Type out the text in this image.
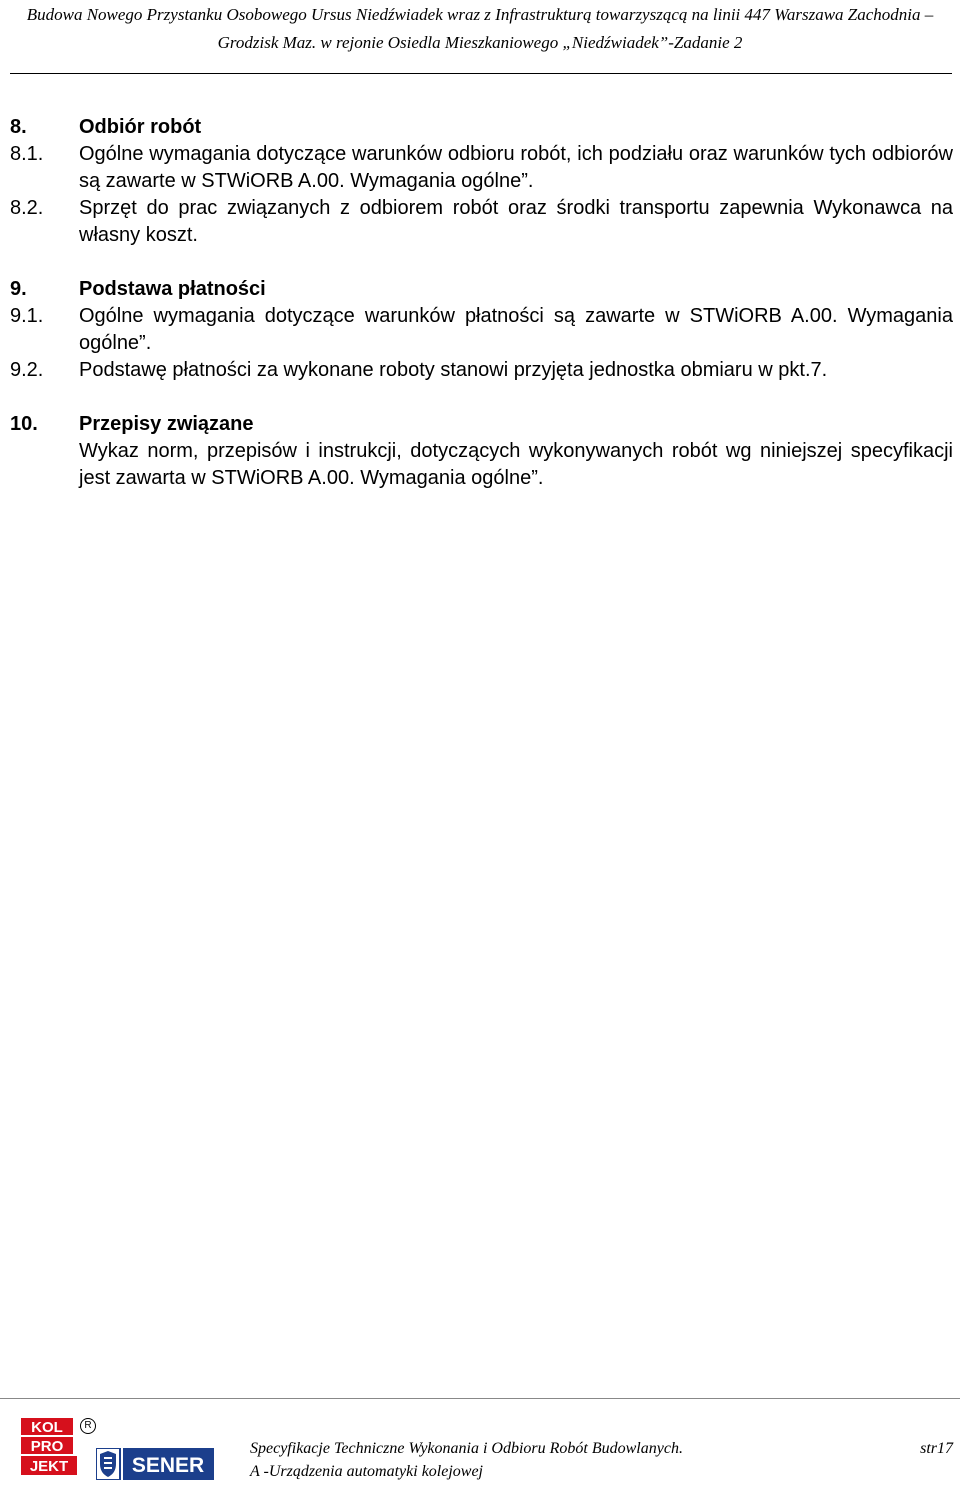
Budowa Nowego Przystanku Osobowego Ursus Niedźwiadek wraz z Infrastrukturą towarzyszącą na linii 447 Warszawa Zachodnia –
Grodzisk Maz. w rejonie Osiedla Mieszkaniowego „Niedźwiadek”-Zadanie 2
8.	Odbiór robót
8.1.	Ogólne wymagania dotyczące warunków odbioru robót, ich podziału oraz warunków tych odbiorów są zawarte w STWiORB A.00. Wymagania ogólne”.
8.2.	Sprzęt do prac związanych z odbiorem robót oraz środki transportu zapewnia Wykonawca na własny koszt.
9.	Podstawa płatności
9.1.	Ogólne wymagania dotyczące warunków płatności są zawarte w STWiORB A.00. Wymagania ogólne”.
9.2.	Podstawę płatności za wykonane roboty stanowi przyjęta jednostka obmiaru w pkt.7.
10.	Przepisy związane
Wykaz norm, przepisów i instrukcji, dotyczących wykonywanych robót wg niniejszej specyfikacji jest zawarta w STWiORB A.00. Wymagania ogólne”.
KOL
PRO
JEKT
R
SENER
Specyfikacje Techniczne Wykonania i Odbioru Robót Budowlanych.
A -Urządzenia automatyki kolejowej
str17
